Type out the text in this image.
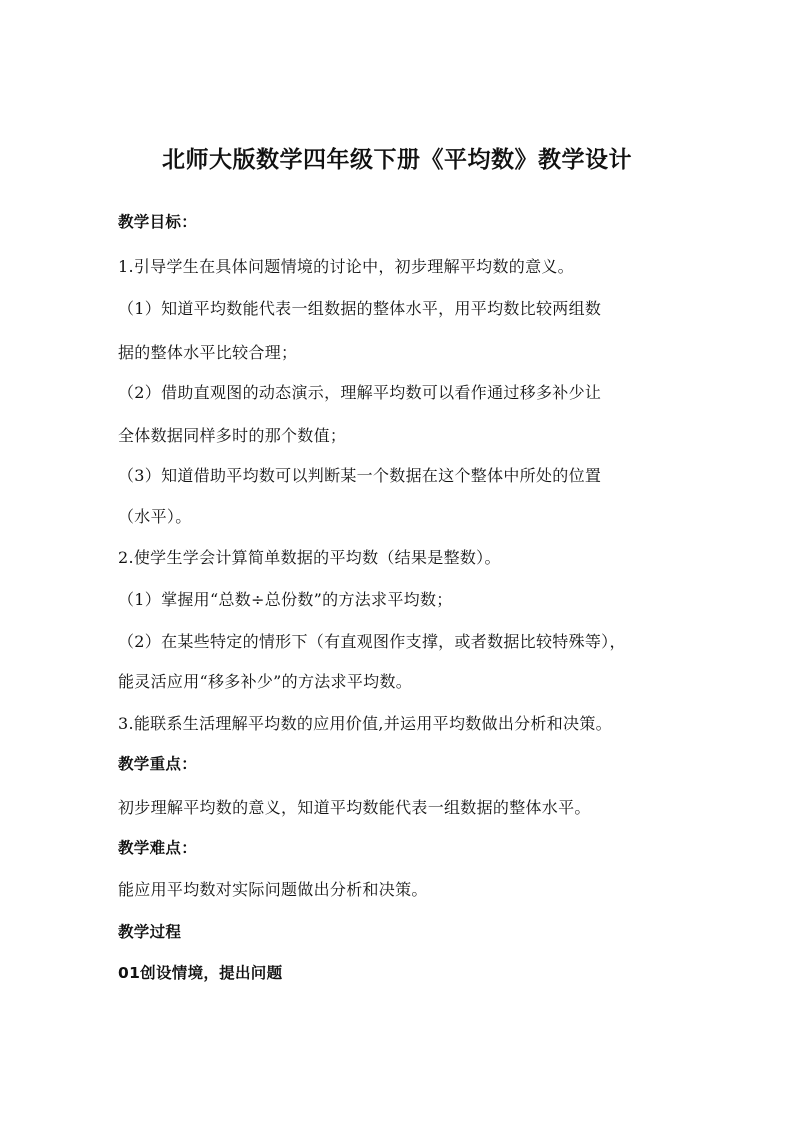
北师大版数学四年级下册《平均数》教学设计
教学目标：
1.引导学生在具体问题情境的讨论中，初步理解平均数的意义。
（1）知道平均数能代表一组数据的整体水平，用平均数比较两组数
据的整体水平比较合理；
（2）借助直观图的动态演示，理解平均数可以看作通过移多补少让
全体数据同样多时的那个数值；
（3）知道借助平均数可以判断某一个数据在这个整体中所处的位置
（水平）。
2.使学生学会计算简单数据的平均数（结果是整数）。
（1）掌握用“总数÷总份数”的方法求平均数；
（2）在某些特定的情形下（有直观图作支撑，或者数据比较特殊等），
能灵活应用“移多补少”的方法求平均数。
3.能联系生活理解平均数的应用价值,并运用平均数做出分析和决策。
教学重点：
初步理解平均数的意义，知道平均数能代表一组数据的整体水平。
教学难点：
能应用平均数对实际问题做出分析和决策。
教学过程
01创设情境，提出问题
